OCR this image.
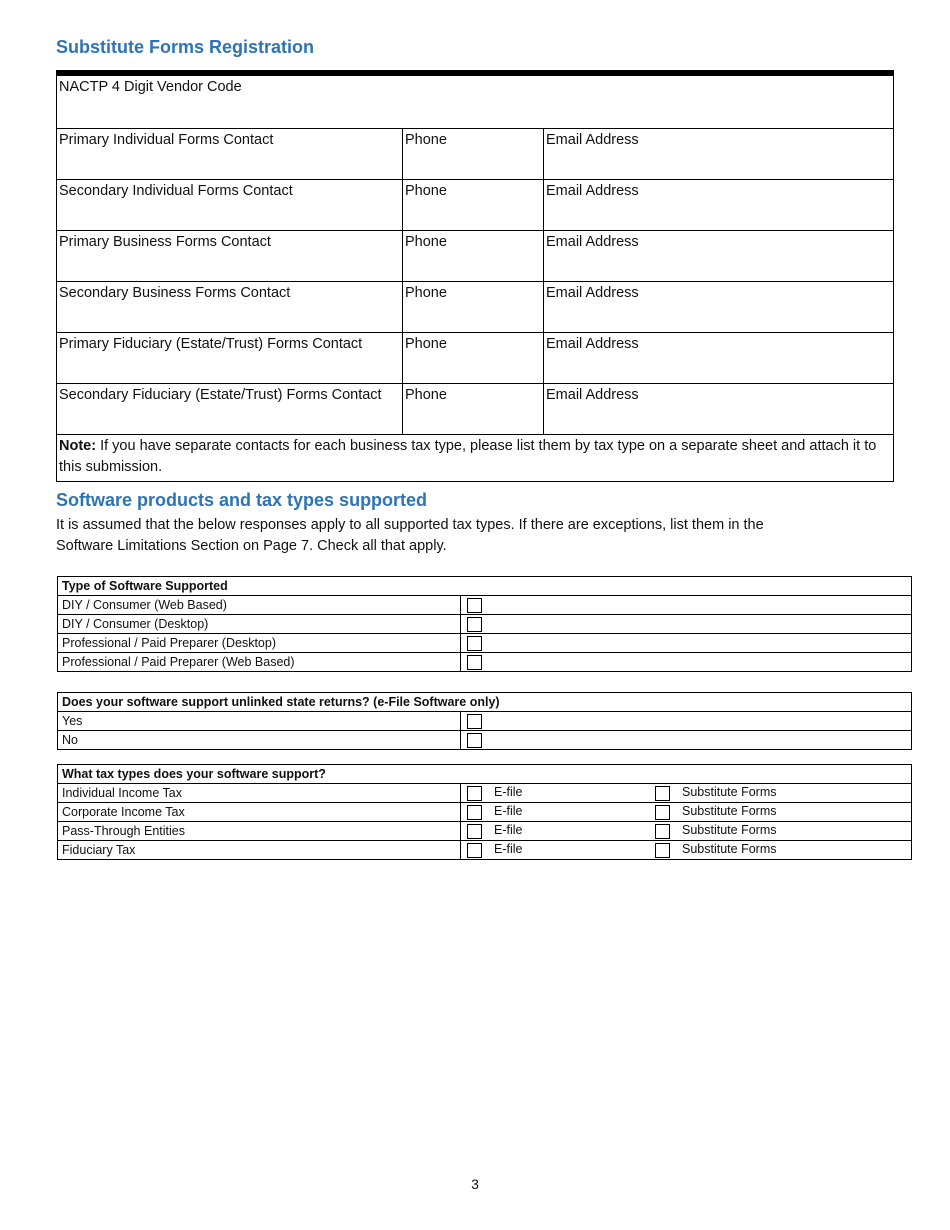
Substitute Forms Registration
NACTP 4 Digit Vendor Code		
Primary Individual Forms Contact	Phone	Email Address
Secondary Individual Forms Contact	Phone	Email Address
Primary Business Forms Contact	Phone	Email Address
Secondary Business Forms Contact	Phone	Email Address
Primary Fiduciary (Estate/Trust) Forms Contact	Phone	Email Address
Secondary Fiduciary (Estate/Trust) Forms Contact	Phone	Email Address
Note: If you have separate contacts for each business tax type, please list them by tax type on a separate sheet and attach it to this submission.		
Software products and tax types supported
It is assumed that the below responses apply to all supported tax types. If there are exceptions, list them in the Software Limitations Section on Page 7. Check all that apply.
Type of Software Supported	
DIY / Consumer (Web Based)	
DIY / Consumer (Desktop)	
Professional / Paid Preparer (Desktop)	
Professional / Paid Preparer (Web Based)	
Does your software support unlinked state returns? (e-File Software only)	
Yes	
No	
What tax types does your software support?	
Individual Income Tax	E-file Substitute Forms
Corporate Income Tax	E-file Substitute Forms
Pass-Through Entities	E-file Substitute Forms
Fiduciary Tax	E-file Substitute Forms
3
